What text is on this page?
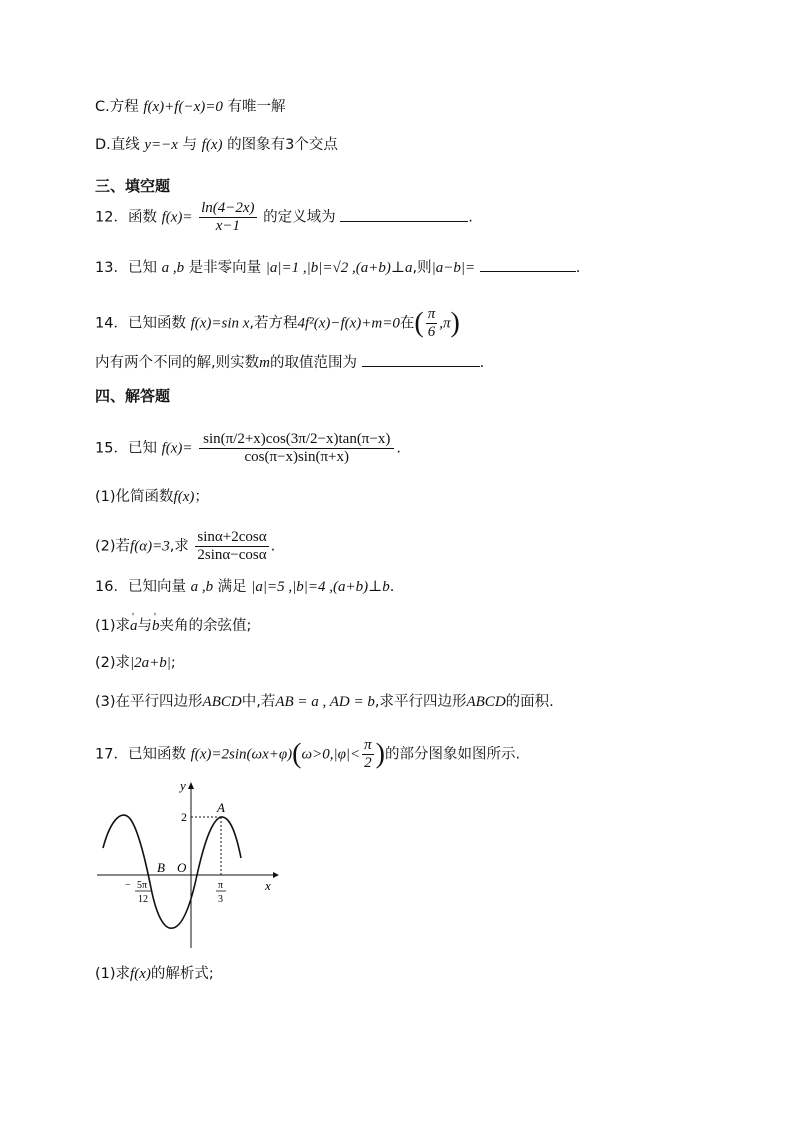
C.方程 f(x)+f(−x)=0 有唯一解
D.直线 y=−x 与 f(x) 的图象有3个交点
三、填空题
12．函数 $f(x)= \frac{\ln(4-2x)}{x-1}$ 的定义域为	.
13．已知 a ,b 是非零向量 |a|=1 ,|b|=√2 ,(a+b)⊥a,则|a−b|=	.
14．已知函数 f(x)=sin x,若方程4f²(x)−f(x)+m=0在( $\frac{\pi}{6} ,\pi$)
内有两个不同的解,则实数m的取值范围为	.
四、解答题
15．已知 $f(x)= \frac{\sin(\pi/2+x)\cos(3\pi/2-x)\tan(\pi-x)}{\cos(\pi-x)\sin(\pi+x)}$ .
(1)化简函数f(x)；
(2)若f(α)=3,求 $\frac{\sin\alpha+2\cos\alpha}{2\sin\alpha-\cos\alpha}$ .
16．已知向量 a ,b 满足 |a|=5 ,|b|=4 ,(a+b)⊥b.
(1)求' a与' b夹角的余弦值;
(2)求|2a+b|;
(3)在平行四边形ABCD中,若AB = a , AD = b,求平行四边形ABCD的面积.
17．已知函数 $f(x)=2\sin(\omega x+\varphi)(\omega>0,|\varphi|< \frac{\pi}{2}$ )的部分图象如图所示.
y
x
O
A
B
2
− 5π
12
π
3
(1)求f(x)的解析式;
